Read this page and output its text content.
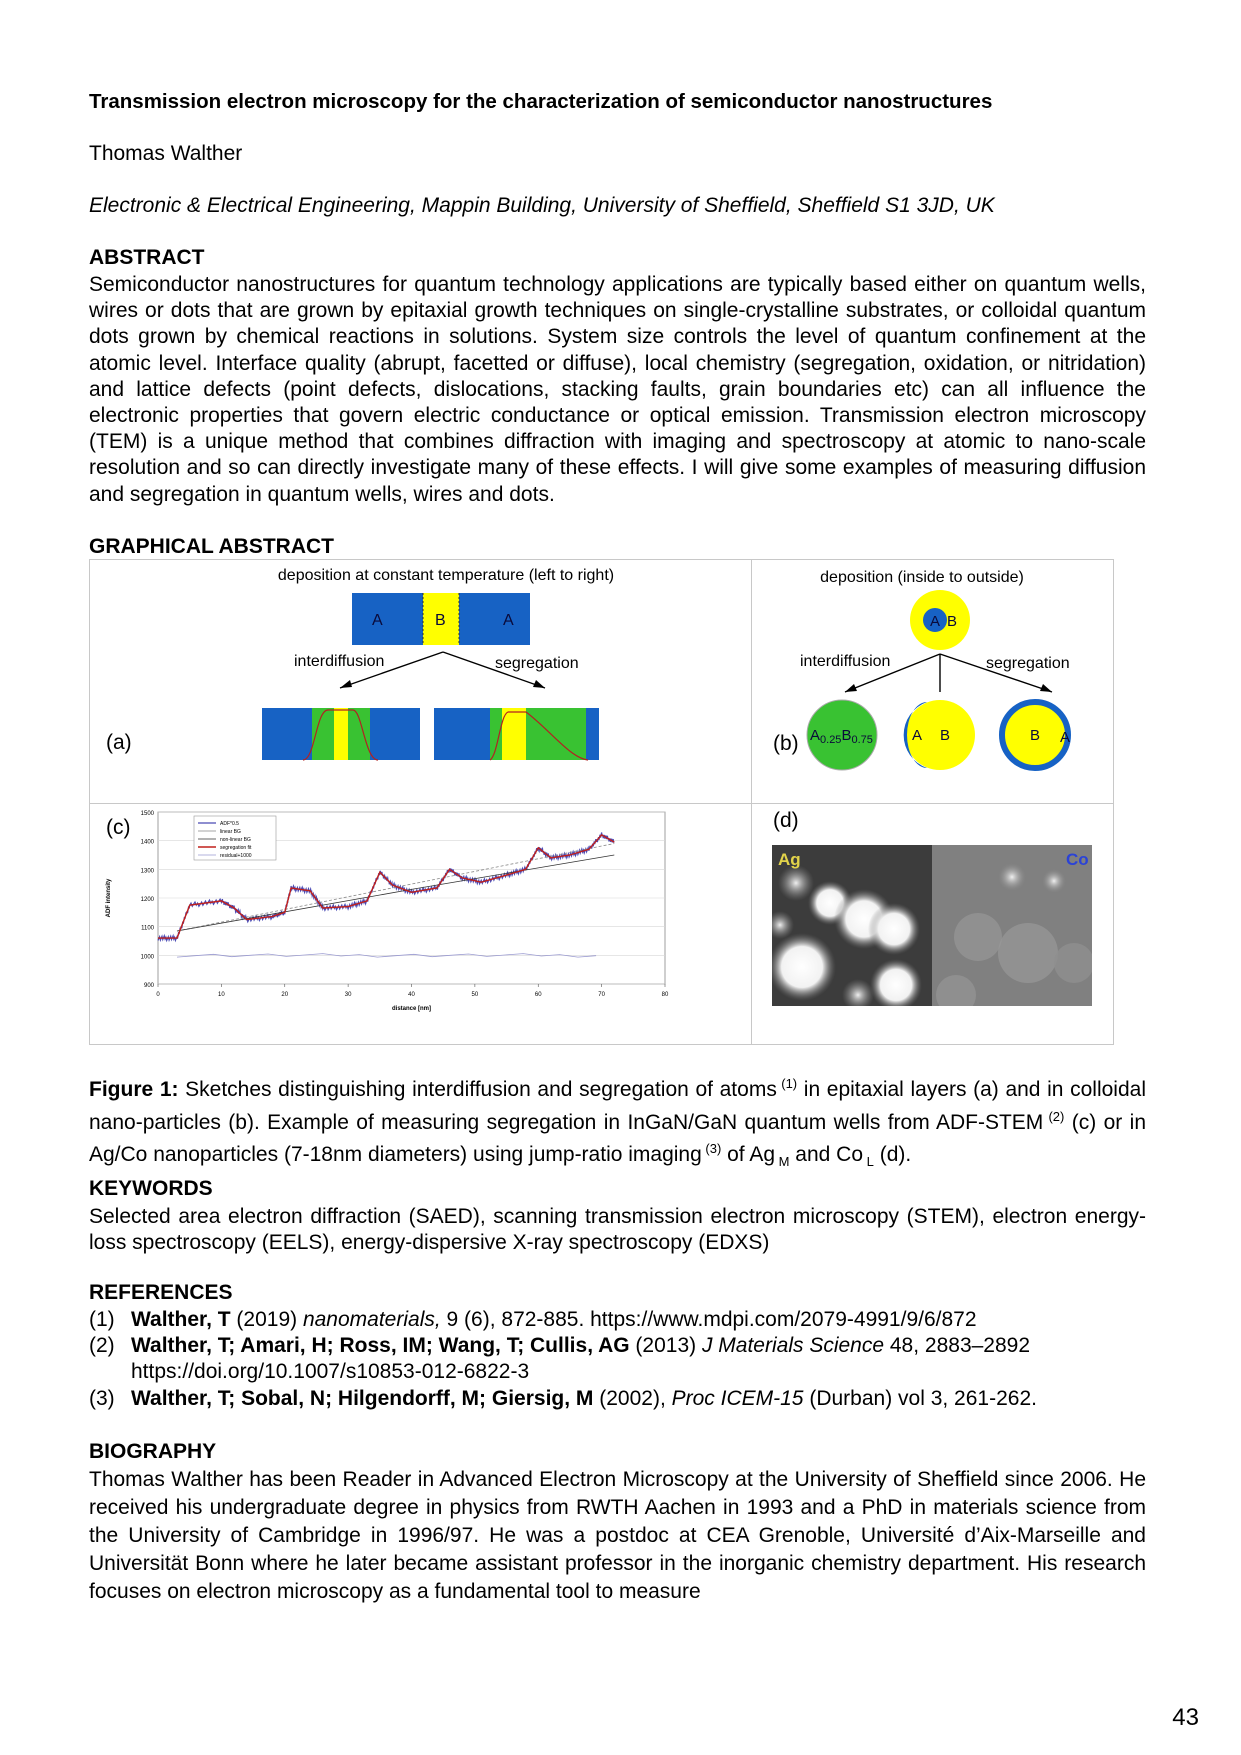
Transmission electron microscopy for the characterization of semiconductor nanostructures
Thomas Walther
Electronic & Electrical Engineering, Mappin Building, University of Sheffield, Sheffield S1 3JD, UK
ABSTRACT
Semiconductor nanostructures for quantum technology applications are typically based either on quantum wells, wires or dots that are grown by epitaxial growth techniques on single-crystalline substrates, or colloidal quantum dots grown by chemical reactions in solutions. System size controls the level of quantum confinement at the atomic level. Interface quality (abrupt, facetted or diffuse), local chemistry (segregation, oxidation, or nitridation) and lattice defects (point defects, dislocations, stacking faults, grain boundaries etc) can all influence the electronic properties that govern electric conductance or optical emission. Transmission electron microscopy (TEM) is a unique method that combines diffraction with imaging and spectroscopy at atomic to nano-scale resolution and so can directly investigate many of these effects. I will give some examples of measuring diffusion and segregation in quantum wells, wires and dots.
GRAPHICAL ABSTRACT
deposition at constant temperature (left to right)
A	B	A
interdiffusion	segregation
(a)
deposition (inside to outside)
A B
interdiffusion	segregation
$A_{0.25}B_{0.75}$	A B	B A
(b)
1500
1400
1300
1200
1100
1000
900
0	10	20	30	40	50	60	70	80
distance [nm]
ADF intensity
ADF*0.5
linear BG
non-linear BG
segregation fit
residual+1000
(c)	(d)
Ag	Co
Figure 1: Sketches distinguishing interdiffusion and segregation of atoms $^{(1)}$ in epitaxial layers (a) and in colloidal nano-particles (b). Example of measuring segregation in InGaN/GaN quantum wells from ADF-STEM $^{(2)}$ (c) or in Ag/Co nanoparticles (7-18nm diameters) using jump-ratio imaging $^{(3)}$ of Ag $_M$ and Co $_L$ (d).
KEYWORDS
Selected area electron diffraction (SAED), scanning transmission electron microscopy (STEM), electron energy-loss spectroscopy (EELS), energy-dispersive X-ray spectroscopy (EDXS)
REFERENCES
(1) Walther, T (2019) nanomaterials, 9 (6), 872-885. https://www.mdpi.com/2079-4991/9/6/872
(2) Walther, T; Amari, H; Ross, IM; Wang, T; Cullis, AG (2013) J Materials Science 48, 2883–2892 https://doi.org/10.1007/s10853-012-6822-3
(3) Walther, T; Sobal, N; Hilgendorff, M; Giersig, M (2002), Proc ICEM-15 (Durban) vol 3, 261-262.
BIOGRAPHY
Thomas Walther has been Reader in Advanced Electron Microscopy at the University of Sheffield since 2006. He received his undergraduate degree in physics from RWTH Aachen in 1993 and a PhD in materials science from the University of Cambridge in 1996/97. He was a postdoc at CEA Grenoble, Université d’Aix-Marseille and Universität Bonn where he later became assistant professor in the inorganic chemistry department. His research focuses on electron microscopy as a fundamental tool to measure
43
